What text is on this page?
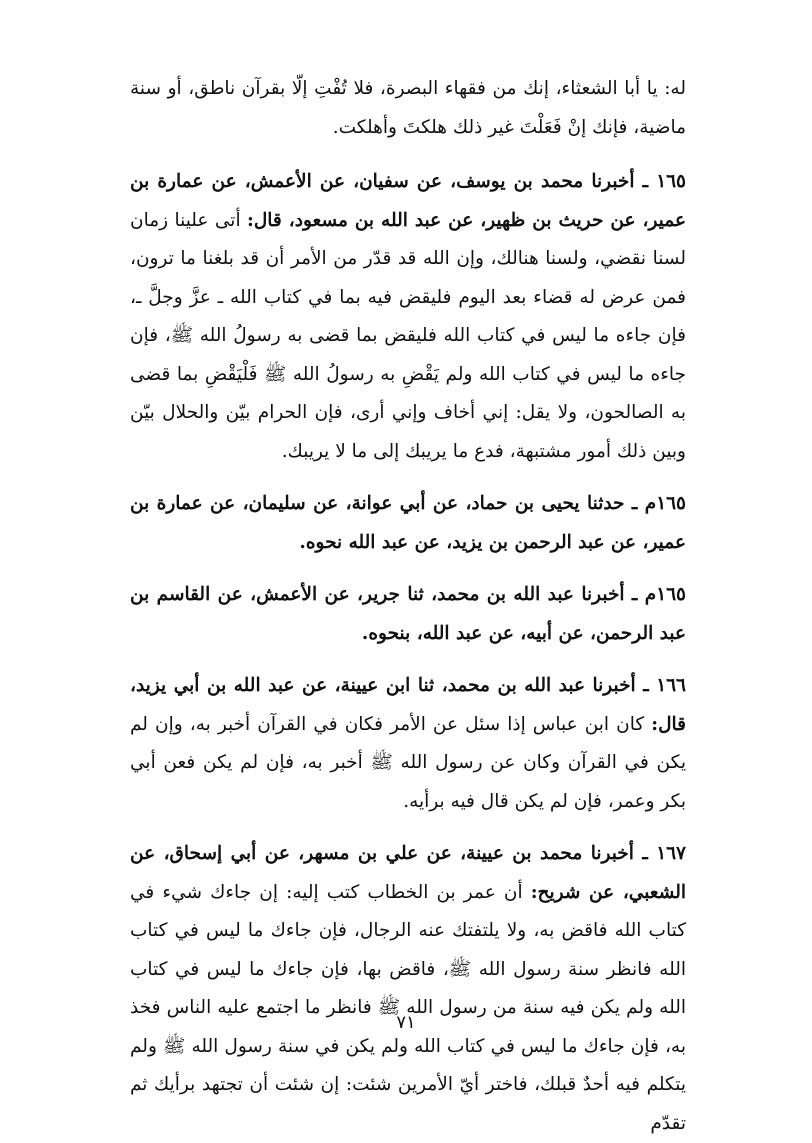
له: يا أبا الشعثاء، إنك من فقهاء البصرة، فلا تُفْتِ إلّا بقرآن ناطق، أو سنة ماضية، فإنك إنْ فَعَلْتَ غير ذلك هلكتَ وأهلكت.

١٦٥ ـ أخبرنا محمد بن يوسف، عن سفيان، عن الأعمش، عن عمارة بن عمير، عن حريث بن ظهير، عن عبد الله بن مسعود، قال: أتى علينا زمان لسنا نقضي، ولسنا هنالك، وإن الله قد قدّر من الأمر أن قد بلغنا ما ترون، فمن عرض له قضاء بعد اليوم فليقض فيه بما في كتاب الله ـ عزَّ وجلَّ ـ، فإن جاءه ما ليس في كتاب الله فليقض بما قضى به رسولُ الله ﷺ، فإن جاءه ما ليس في كتاب الله ولم يَقْضِ به رسولُ الله ﷺ فَلْيَقْضِ بما قضى به الصالحون، ولا يقل: إني أخاف وإني أرى، فإن الحرام بيّن والحلال بيّن وبين ذلك أمور مشتبهة، فدع ما يريبك إلى ما لا يريبك.

١٦٥م ـ حدثنا يحيى بن حماد، عن أبي عوانة، عن سليمان، عن عمارة بن عمير، عن عبد الرحمن بن يزيد، عن عبد الله نحوه.

١٦٥م ـ أخبرنا عبد الله بن محمد، ثنا جرير، عن الأعمش، عن القاسم بن عبد الرحمن، عن أبيه، عن عبد الله، بنحوه.

١٦٦ ـ أخبرنا عبد الله بن محمد، ثنا ابن عيينة، عن عبد الله بن أبي يزيد، قال: كان ابن عباس إذا سئل عن الأمر فكان في القرآن أخبر به، وإن لم يكن في القرآن وكان عن رسول الله ﷺ أخبر به، فإن لم يكن فعن أبي بكر وعمر، فإن لم يكن قال فيه برأيه.

١٦٧ ـ أخبرنا محمد بن عيينة، عن علي بن مسهر، عن أبي إسحاق، عن الشعبي، عن شريح: أن عمر بن الخطاب كتب إليه: إن جاءك شيء في كتاب الله فاقض به، ولا يلتفتك عنه الرجال، فإن جاءك ما ليس في كتاب الله فانظر سنة رسول الله ﷺ، فاقض بها، فإن جاءك ما ليس في كتاب الله ولم يكن فيه سنة من رسول الله ﷺ فانظر ما اجتمع عليه الناس فخذ به، فإن جاءك ما ليس في كتاب الله ولم يكن في سنة رسول الله ﷺ ولم يتكلم فيه أحدٌ قبلك، فاختر أيّ الأمرين شئت: إن شئت أن تجتهد برأيك ثم تقدّم

٧١
